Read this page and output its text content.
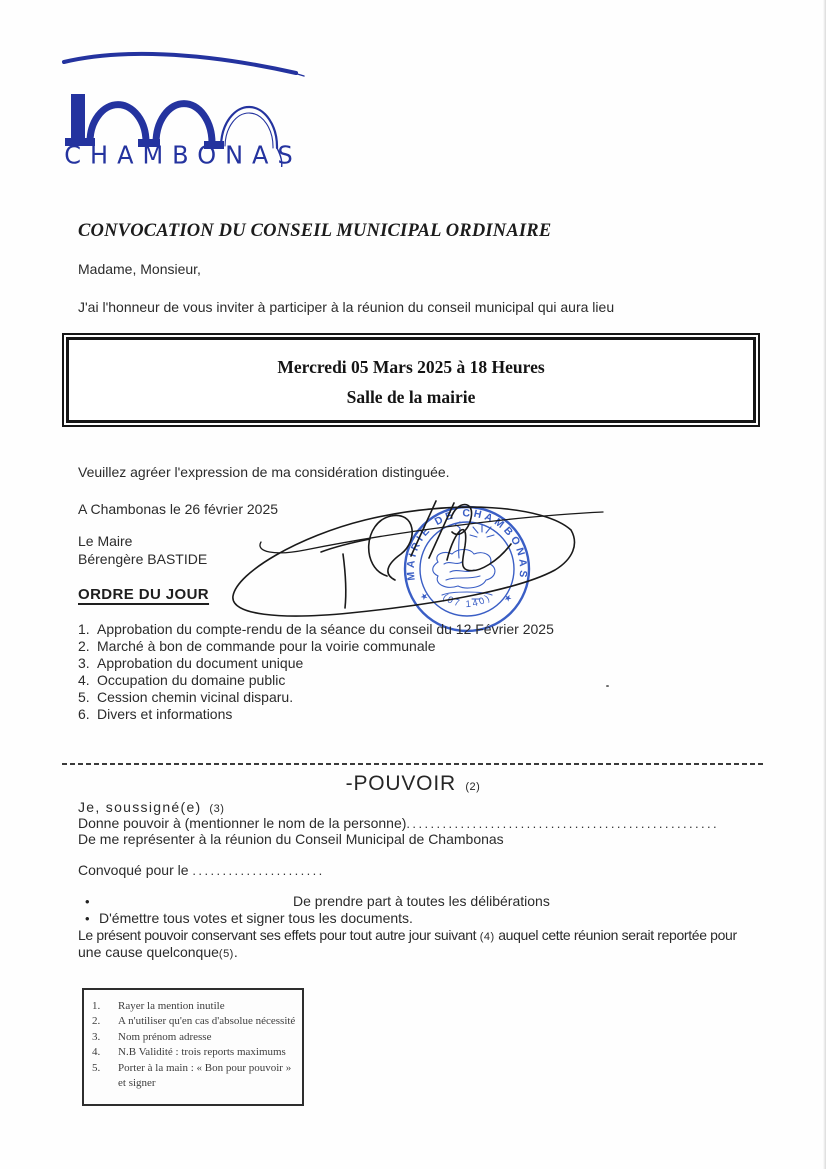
CHAMBONAS
CONVOCATION DU CONSEIL MUNICIPAL ORDINAIRE
Madame, Monsieur,
J'ai l'honneur de vous inviter à participer à la réunion du conseil municipal qui aura lieu
Mercredi 05 Mars 2025 à 18 Heures
Salle de la mairie
Veuillez agréer l'expression de ma considération distinguée.
A Chambonas le 26 février 2025
Le Maire
Bérengère BASTIDE
MAIRIE DE CHAMBONAS
(07 140)
★	★
ORDRE DU JOUR
1. Approbation du compte-rendu de la séance du conseil du 12 Février 2025
2. Marché à bon de commande pour la voirie communale
3. Approbation du document unique
4. Occupation du domaine public
5. Cession chemin vicinal disparu.
6. Divers et informations
-POUVOIR (2)
Je, soussigné(e) (3)
Donne pouvoir à (mentionner le nom de la personne)....................................................
De me représenter à la réunion du Conseil Municipal de Chambonas
Convoqué pour le ......................
•	De prendre part à toutes les délibérations
• D'émettre tous votes et signer tous les documents.
Le présent pouvoir conservant ses effets pour tout autre jour suivant (4) auquel cette réunion serait reportée pour
une cause quelconque(5).
1.	Rayer la mention inutile
2.	A n'utiliser qu'en cas d'absolue nécessité
3.	Nom prénom adresse
4.	N.B Validité : trois reports maximums
5.	Porter à la main : « Bon pour pouvoir » et signer
